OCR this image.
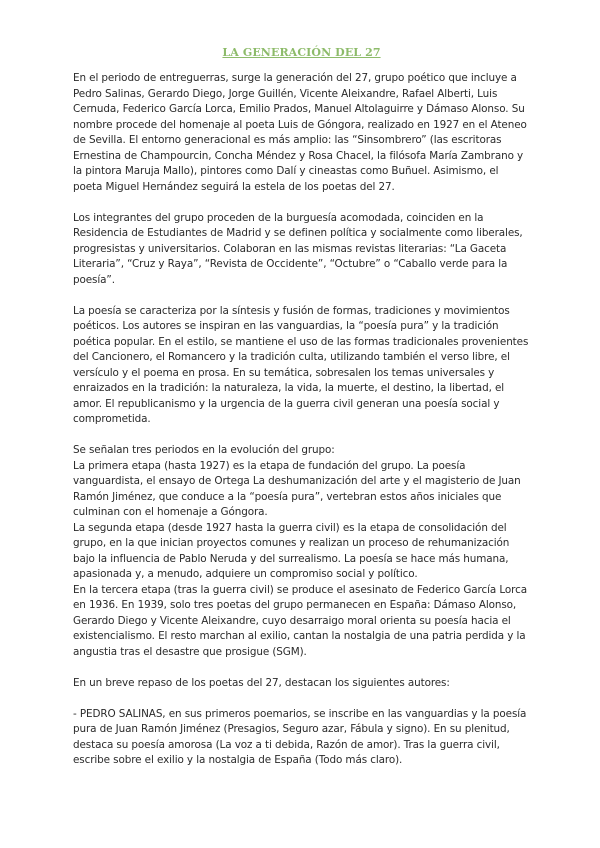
LA GENERACIÓN DEL 27
En el periodo de entreguerras, surge la generación del 27, grupo poético que incluye a Pedro Salinas, Gerardo Diego, Jorge Guillén, Vicente Aleixandre, Rafael Alberti, Luis Cernuda, Federico García Lorca, Emilio Prados, Manuel Altolaguirre y Dámaso Alonso. Su nombre procede del homenaje al poeta Luis de Góngora, realizado en 1927 en el Ateneo de Sevilla. El entorno generacional es más amplio: las “Sinsombrero” (las escritoras Ernestina de Champourcin, Concha Méndez y Rosa Chacel, la filósofa María Zambrano y la pintora Maruja Mallo), pintores como Dalí y cineastas como Buñuel. Asimismo, el poeta Miguel Hernández seguirá la estela de los poetas del 27.
Los integrantes del grupo proceden de la burguesía acomodada, coinciden en la Residencia de Estudiantes de Madrid y se definen política y socialmente como liberales, progresistas y universitarios. Colaboran en las mismas revistas literarias: “La Gaceta Literaria”, “Cruz y Raya”, “Revista de Occidente”, “Octubre” o “Caballo verde para la poesía”.
La poesía se caracteriza por la síntesis y fusión de formas, tradiciones y movimientos poéticos. Los autores se inspiran en las vanguardias, la “poesía pura” y la tradición poética popular. En el estilo, se mantiene el uso de las formas tradicionales provenientes del Cancionero, el Romancero y la tradición culta, utilizando también el verso libre, el versículo y el poema en prosa. En su temática, sobresalen los temas universales y enraizados en la tradición: la naturaleza, la vida, la muerte, el destino, la libertad, el amor. El republicanismo y la urgencia de la guerra civil generan una poesía social y comprometida.

Se señalan tres periodos en la evolución del grupo:

La primera etapa (hasta 1927) es la etapa de fundación del grupo. La poesía vanguardista, el ensayo de Ortega La deshumanización del arte y el magisterio de Juan Ramón Jiménez, que conduce a la “poesía pura”, vertebran estos años iniciales que culminan con el homenaje a Góngora.

La segunda etapa (desde 1927 hasta la guerra civil) es la etapa de consolidación del grupo, en la que inician proyectos comunes y realizan un proceso de rehumanización bajo la influencia de Pablo Neruda y del surrealismo. La poesía se hace más humana, apasionada y, a menudo, adquiere un compromiso social y político.

En la tercera etapa (tras la guerra civil) se produce el asesinato de Federico García Lorca en 1936. En 1939, solo tres poetas del grupo permanecen en España: Dámaso Alonso, Gerardo Diego y Vicente Aleixandre, cuyo desarraigo moral orienta su poesía hacia el existencialismo. El resto marchan al exilio, cantan la nostalgia de una patria perdida y la angustia tras el desastre que prosigue (SGM).

En un breve repaso de los poetas del 27, destacan los siguientes autores:
- PEDRO SALINAS, en sus primeros poemarios, se inscribe en las vanguardias y la poesía pura de Juan Ramón Jiménez (Presagios, Seguro azar, Fábula y signo). En su plenitud, destaca su poesía amorosa (La voz a ti debida, Razón de amor). Tras la guerra civil, escribe sobre el exilio y la nostalgia de España (Todo más claro).
